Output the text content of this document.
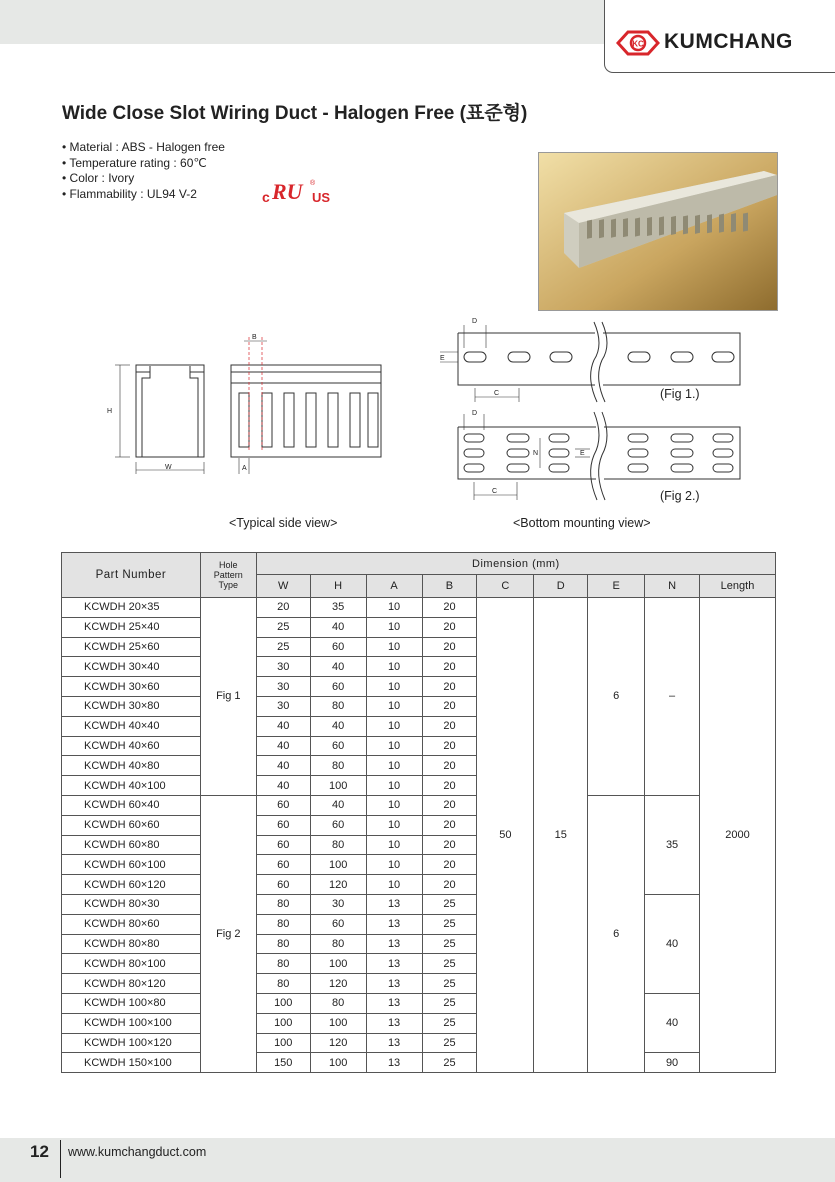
KC KUMCHANG
Wide Close Slot Wiring Duct - Halogen Free (표준형)
• Material : ABS - Halogen free
• Temperature rating : 60℃
• Color : Ivory
• Flammability : UL94 V-2	c RU US
®
H
W	A
B
D
E
C
D
N	E
C
(Fig 1.)
(Fig 2.)
<Typical side view>	<Bottom mounting view>
Part Number	Hole Pattern Type	Dimension (mm)								
		W	H	A	B	C	D	E	N	Length
KCWDH 20×35	Fig 1	20	35	10	20	50	15	6	–	2000
KCWDH 25×40		25	40	10	20					
KCWDH 25×60		25	60	10	20					
KCWDH 30×40		30	40	10	20					
KCWDH 30×60		30	60	10	20					
KCWDH 30×80		30	80	10	20					
KCWDH 40×40		40	40	10	20					
KCWDH 40×60		40	60	10	20					
KCWDH 40×80		40	80	10	20					
KCWDH 40×100		40	100	10	20					
KCWDH 60×40	Fig 2	60	40	10	20			6	35	
KCWDH 60×60		60	60	10	20					
KCWDH 60×80		60	80	10	20					
KCWDH 60×100		60	100	10	20					
KCWDH 60×120		60	120	10	20					
KCWDH 80×30		80	30	13	25				40	
KCWDH 80×60		80	60	13	25					
KCWDH 80×80		80	80	13	25					
KCWDH 80×100		80	100	13	25					
KCWDH 80×120		80	120	13	25					
KCWDH 100×80		100	80	13	25				40	
KCWDH 100×100		100	100	13	25					
KCWDH 100×120		100	120	13	25					
KCWDH 150×100		150	100	13	25				90	
12 www.kumchangduct.com
